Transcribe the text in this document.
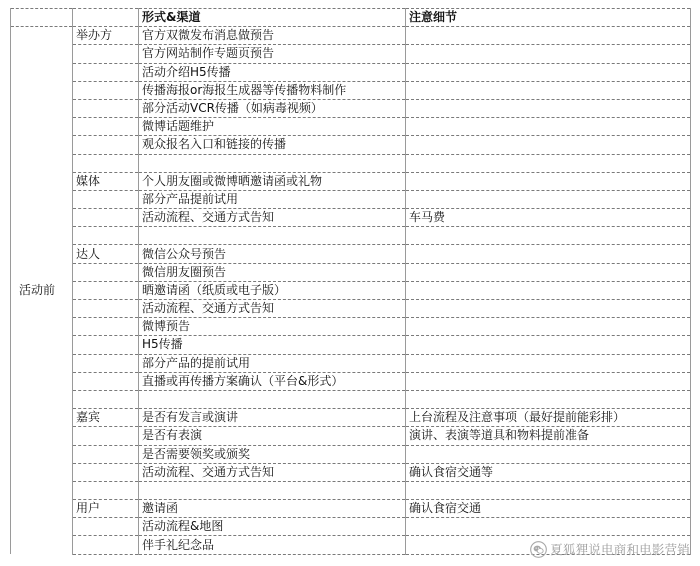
		形式&渠道	注意细节
活动前	举办方	官方双微发布消息做预告	
		官方网站制作专题页预告	
		活动介绍H5传播	
		传播海报or海报生成器等传播物料制作	
		部分活动VCR传播（如病毒视频）	
		微博话题维护	
		观众报名入口和链接的传播	

	媒体	个人朋友圈或微博晒邀请函或礼物	
		部分产品提前试用	
		活动流程、交通方式告知	车马费

	达人	微信公众号预告	
		微信朋友圈预告	
		晒邀请函（纸质或电子版）	
		活动流程、交通方式告知	
		微博预告	
		H5传播	
		部分产品的提前试用	
		直播或再传播方案确认（平台&形式）	

	嘉宾	是否有发言或演讲	上台流程及注意事项（最好提前能彩排）
		是否有表演	演讲、表演等道具和物料提前准备
		是否需要领奖或颁奖	
		活动流程、交通方式告知	确认食宿交通等

	用户	邀请函	确认食宿交通
		活动流程&地图	
		伴手礼纪念品		夏狐狸说电商和电影营销
